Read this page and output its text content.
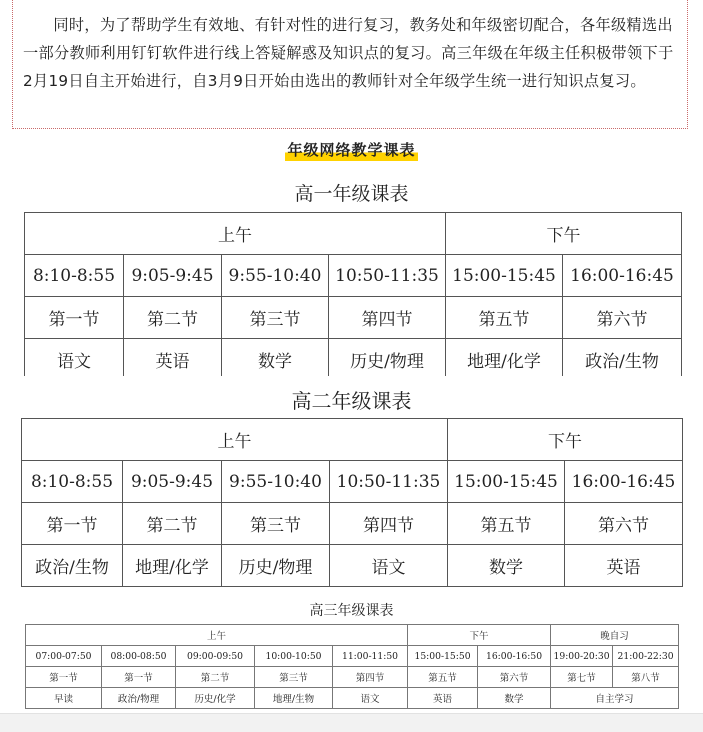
同时，为了帮助学生有效地、有针对性的进行复习，教务处和年级密切配合，各年级精选出一部分教师利用钉钉软件进行线上答疑解惑及知识点的复习。高三年级在年级主任积极带领下于2月19日自主开始进行，自3月9日开始由选出的教师针对全年级学生统一进行知识点复习。

年级网络教学课表
高一年级课表
上午				下午	
8:10-8:55	9:05-9:45	9:55-10:40	10:50-11:35	15:00-15:45	16:00-16:45
第一节	第二节	第三节	第四节	第五节	第六节
语文	英语	数学	历史/物理	地理/化学	政治/生物
高二年级课表
上午				下午	
8:10-8:55	9:05-9:45	9:55-10:40	10:50-11:35	15:00-15:45	16:00-16:45
第一节	第二节	第三节	第四节	第五节	第六节
政治/生物	地理/化学	历史/物理	语文	数学	英语
高三年级课表
上午					下午		晚自习	
07:00-07:50	08:00-08:50	09:00-09:50	10:00-10:50	11:00-11:50	15:00-15:50	16:00-16:50	19:00-20:30	21:00-22:30
第一节	第一节	第二节	第三节	第四节	第五节	第六节	第七节	第八节
早读	政治/物理	历史/化学	地理/生物	语文	英语	数学	自主学习	
